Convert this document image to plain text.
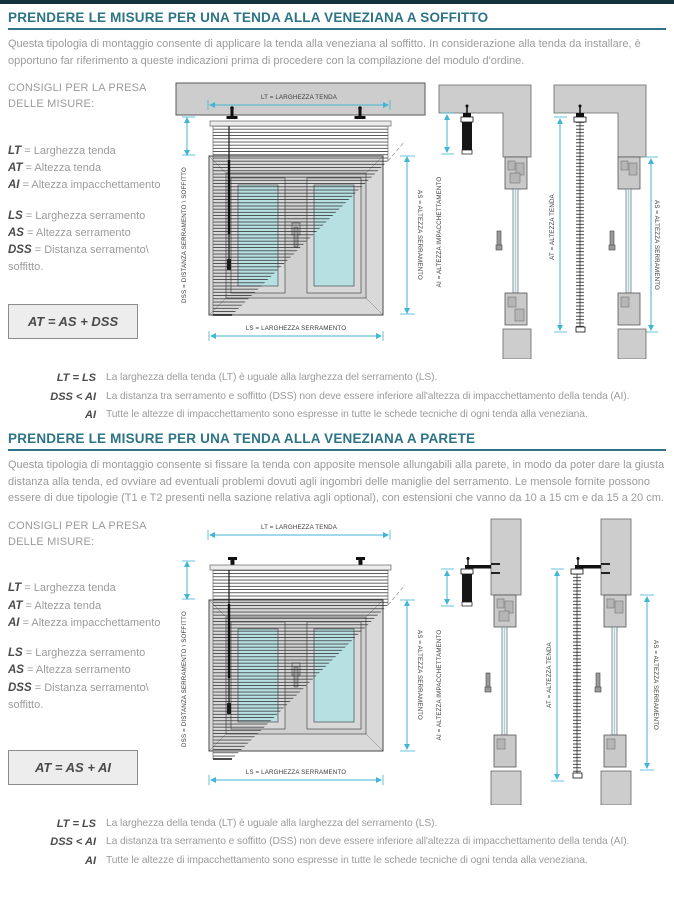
PRENDERE LE MISURE PER UNA TENDA ALLA VENEZIANA A SOFFITTO

Questa tipologia di montaggio consente di applicare la tenda alla veneziana al soffitto. In considerazione alla tenda da installare, è opportuno far riferimento a queste indicazioni prima di procedere con la compilazione del modulo d'ordine.

CONSIGLI PER LA PRESA DELLE MISURE:
LT = Larghezza tenda
AT = Altezza tenda
AI = Altezza impacchettamento
LS = Larghezza serramento
AS = Altezza serramento
DSS = Distanza serramento\ soffitto.
AT = AS + DSS
LT = LARGHEZZA TENDA
DSS = DISTANZA SERRAMENTO \ SOFFITTO	AS = ALTEZZA SERRAMENTO
LS = LARGHEZZA SERRAMENTO
AI = ALTEZZA IMPACCHETTAMENTO	AT = ALTEZZA TENDA	AS = ALTEZZA SERRAMENTO
LT = LS La larghezza della tenda (LT) è uguale alla larghezza del serramento (LS).
DSS < AI La distanza tra serramento e soffitto (DSS) non deve essere inferiore all'altezza di impacchettamento della tenda (AI).
AI Tutte le altezze di impacchettamento sono espresse in tutte le schede tecniche di ogni tenda alla veneziana.
PRENDERE LE MISURE PER UNA TENDA ALLA VENEZIANA A PARETE

Questa tipologia di montaggio consente si fissare la tenda con apposite mensole allungabili alla parete, in modo da poter dare la giusta distanza alla tenda, ed ovviare ad eventuali problemi dovuti agli ingombri delle maniglie del serramento. Le mensole fornite possono essere di due tipologie (T1 e T2 presenti nella sazione relativa agli optional), con estensioni che vanno da 10 a 15 cm e da 15 a 20 cm.

CONSIGLI PER LA PRESA DELLE MISURE:
LT = Larghezza tenda
AT = Altezza tenda
AI = Altezza impacchettamento
LS = Larghezza serramento
AS = Altezza serramento
DSS = Distanza serramento\ soffitto.
AT = AS + AI
LT = LARGHEZZA TENDA
DSS = DISTANZA SERRAMENTO \ SOFFITTO	AS = ALTEZZA SERRAMENTO
LS = LARGHEZZA SERRAMENTO
AI = ALTEZZA IMPACCHETTAMENTO	AT = ALTEZZA TENDA	AS = ALTEZZA SERRAMENTO
LT = LS La larghezza della tenda (LT) è uguale alla larghezza del serramento (LS).
DSS < AI La distanza tra serramento e soffitto (DSS) non deve essere inferiore all'altezza di impacchettamento della tenda (AI).
AI Tutte le altezze di impacchettamento sono espresse in tutte le schede tecniche di ogni tenda alla veneziana.
